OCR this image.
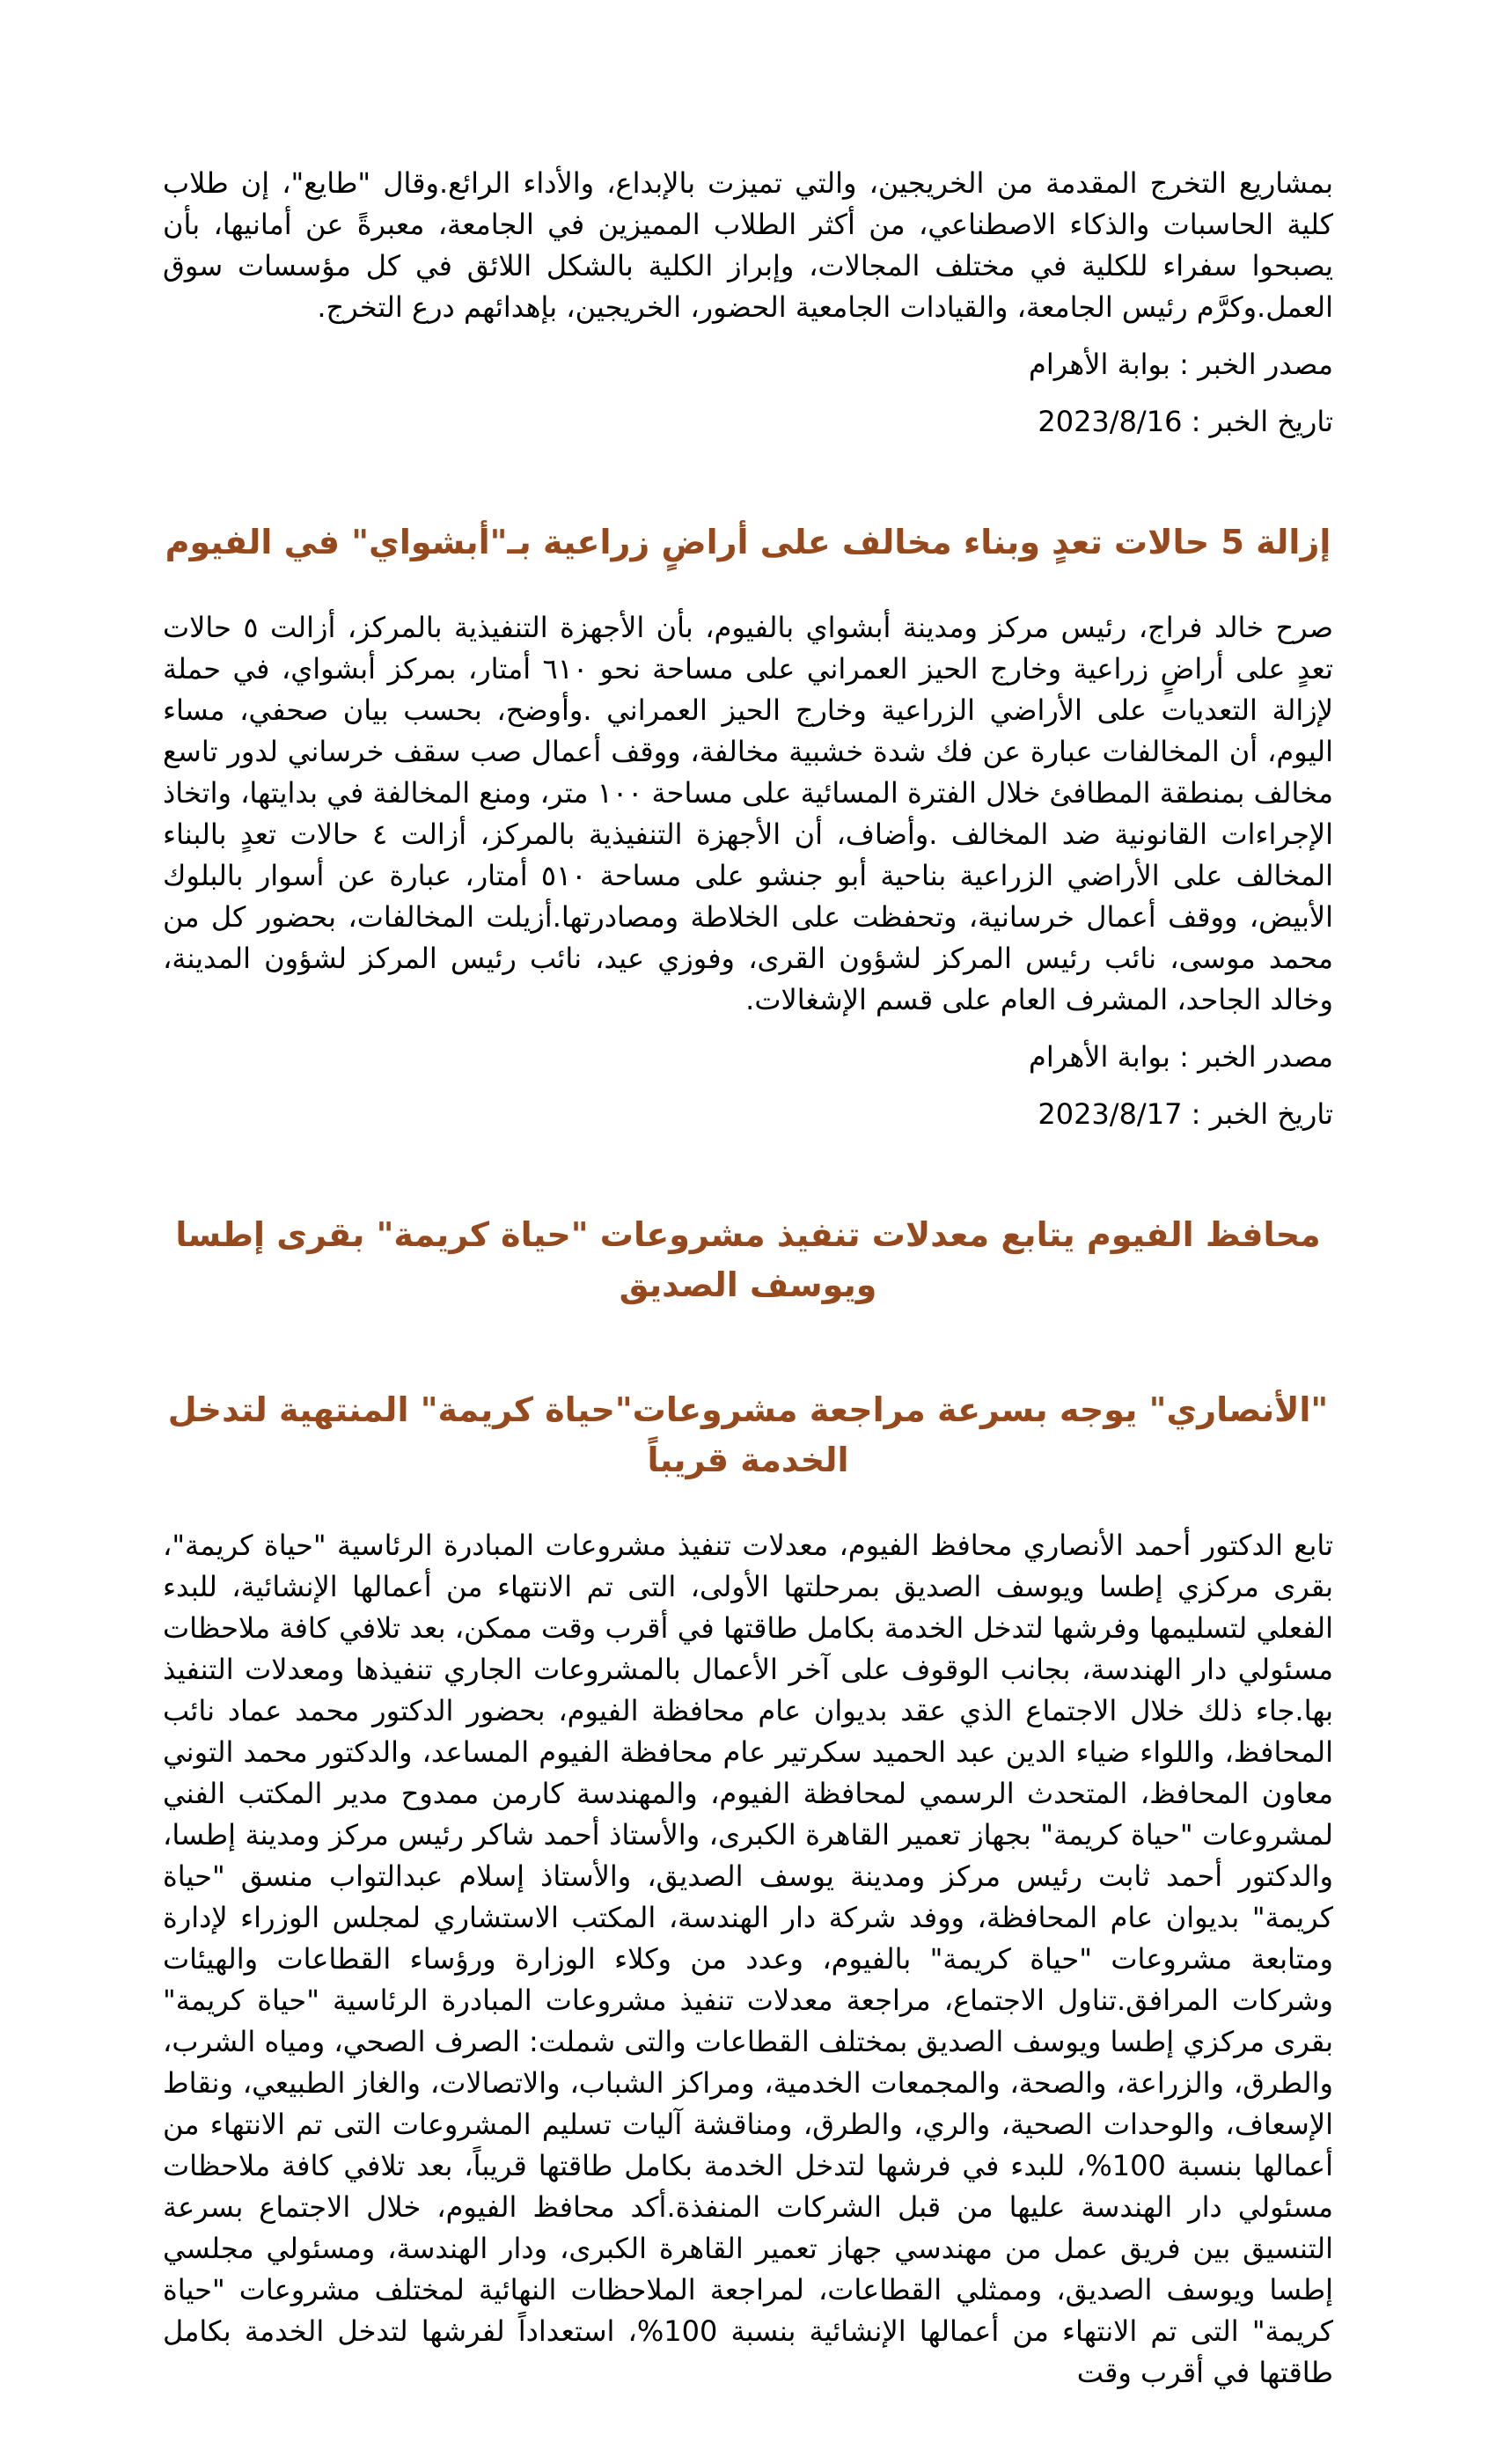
بمشاريع التخرج المقدمة من الخريجين، والتي تميزت بالإبداع، والأداء الرائع.وقال "طايع"، إن طلاب كلية الحاسبات والذكاء الاصطناعي، من أكثر الطلاب المميزين في الجامعة، معبرةً عن أمانيها، بأن يصبحوا سفراء للكلية في مختلف المجالات، وإبراز الكلية بالشكل اللائق في كل مؤسسات سوق العمل.وكرَّم رئيس الجامعة، والقيادات الجامعية الحضور، الخريجين، بإهدائهم درع التخرج.

مصدر الخبر : بوابة الأهرام

تاريخ الخبر : 2023/8/16

إزالة 5 حالات تعدٍ وبناء مخالف على أراضٍ زراعية بـ"أبشواي" في الفيوم

صرح خالد فراج، رئيس مركز ومدينة أبشواي بالفيوم، بأن الأجهزة التنفيذية بالمركز، أزالت ٥ حالات تعدٍ على أراضٍ زراعية وخارج الحيز العمراني على مساحة نحو ٦١٠ أمتار، بمركز أبشواي، في حملة لإزالة التعديات على الأراضي الزراعية وخارج الحيز العمراني .وأوضح، بحسب بيان صحفي، مساء اليوم، أن المخالفات عبارة عن فك شدة خشبية مخالفة، ووقف أعمال صب سقف خرساني لدور تاسع مخالف بمنطقة المطافئ خلال الفترة المسائية على مساحة ١٠٠ متر، ومنع المخالفة في بدايتها، واتخاذ الإجراءات القانونية ضد المخالف .وأضاف، أن الأجهزة التنفيذية بالمركز، أزالت ٤ حالات تعدٍ بالبناء المخالف على الأراضي الزراعية بناحية أبو جنشو على مساحة ٥١٠ أمتار، عبارة عن أسوار بالبلوك الأبيض، ووقف أعمال خرسانية، وتحفظت على الخلاطة ومصادرتها.أزيلت المخالفات، بحضور كل من محمد موسى، نائب رئيس المركز لشؤون القرى، وفوزي عيد، نائب رئيس المركز لشؤون المدينة، وخالد الجاحد، المشرف العام على قسم الإشغالات.

مصدر الخبر : بوابة الأهرام

تاريخ الخبر : 2023/8/17

محافظ الفيوم يتابع معدلات تنفيذ مشروعات "حياة كريمة" بقرى إطسا ويوسف الصديق
"الأنصاري" يوجه بسرعة مراجعة مشروعات"حياة كريمة" المنتهية لتدخل الخدمة قريباً

تابع الدكتور أحمد الأنصاري محافظ الفيوم، معدلات تنفيذ مشروعات المبادرة الرئاسية "حياة كريمة"، بقرى مركزي إطسا ويوسف الصديق بمرحلتها الأولى، التى تم الانتهاء من أعمالها الإنشائية، للبدء الفعلي لتسليمها وفرشها لتدخل الخدمة بكامل طاقتها في أقرب وقت ممكن، بعد تلافي كافة ملاحظات مسئولي دار الهندسة، بجانب الوقوف على آخر الأعمال بالمشروعات الجاري تنفيذها ومعدلات التنفيذ بها.جاء ذلك خلال الاجتماع الذي عقد بديوان عام محافظة الفيوم، بحضور الدكتور محمد عماد نائب المحافظ، واللواء ضياء الدين عبد الحميد سكرتير عام محافظة الفيوم المساعد، والدكتور محمد التوني معاون المحافظ، المتحدث الرسمي لمحافظة الفيوم، والمهندسة كارمن ممدوح مدير المكتب الفني لمشروعات "حياة كريمة" بجهاز تعمير القاهرة الكبرى، والأستاذ أحمد شاكر رئيس مركز ومدينة إطسا، والدكتور أحمد ثابت رئيس مركز ومدينة يوسف الصديق، والأستاذ إسلام عبدالتواب منسق "حياة كريمة" بديوان عام المحافظة، ووفد شركة دار الهندسة، المكتب الاستشاري لمجلس الوزراء لإدارة ومتابعة مشروعات "حياة كريمة" بالفيوم، وعدد من وكلاء الوزارة ورؤساء القطاعات والهيئات وشركات المرافق.تناول الاجتماع، مراجعة معدلات تنفيذ مشروعات المبادرة الرئاسية "حياة كريمة" بقرى مركزي إطسا ويوسف الصديق بمختلف القطاعات والتى شملت: الصرف الصحي، ومياه الشرب، والطرق، والزراعة، والصحة، والمجمعات الخدمية، ومراكز الشباب، والاتصالات، والغاز الطبيعي، ونقاط الإسعاف، والوحدات الصحية، والري، والطرق، ومناقشة آليات تسليم المشروعات التى تم الانتهاء من أعمالها بنسبة 100%، للبدء في فرشها لتدخل الخدمة بكامل طاقتها قريباً، بعد تلافي كافة ملاحظات مسئولي دار الهندسة عليها من قبل الشركات المنفذة.أكد محافظ الفيوم، خلال الاجتماع بسرعة التنسيق بين فريق عمل من مهندسي جهاز تعمير القاهرة الكبرى، ودار الهندسة، ومسئولي مجلسي إطسا ويوسف الصديق، وممثلي القطاعات، لمراجعة الملاحظات النهائية لمختلف مشروعات "حياة كريمة" التى تم الانتهاء من أعمالها الإنشائية بنسبة 100%، استعداداً لفرشها لتدخل الخدمة بكامل طاقتها في أقرب وقت
